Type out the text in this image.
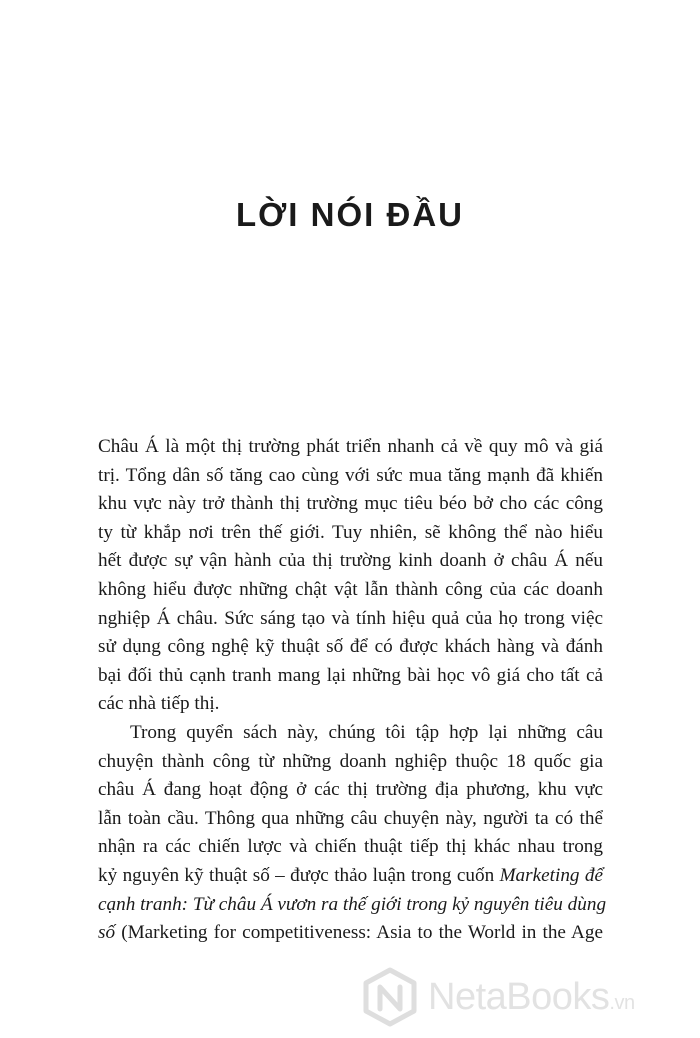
LỜI NÓI ĐẦU
Châu Á là một thị trường phát triển nhanh cả về quy mô và giá
trị. Tổng dân số tăng cao cùng với sức mua tăng mạnh đã khiến
khu vực này trở thành thị trường mục tiêu béo bở cho các công
ty từ khắp nơi trên thế giới. Tuy nhiên, sẽ không thể nào hiểu
hết được sự vận hành của thị trường kinh doanh ở châu Á nếu
không hiểu được những chật vật lẫn thành công của các doanh
nghiệp Á châu. Sức sáng tạo và tính hiệu quả của họ trong việc
sử dụng công nghệ kỹ thuật số để có được khách hàng và đánh
bại đối thủ cạnh tranh mang lại những bài học vô giá cho tất cả
các nhà tiếp thị.
Trong quyển sách này, chúng tôi tập hợp lại những câu
chuyện thành công từ những doanh nghiệp thuộc 18 quốc gia
châu Á đang hoạt động ở các thị trường địa phương, khu vực
lẫn toàn cầu. Thông qua những câu chuyện này, người ta có thể
nhận ra các chiến lược và chiến thuật tiếp thị khác nhau trong
kỷ nguyên kỹ thuật số – được thảo luận trong cuốn Marketing để
cạnh tranh: Từ châu Á vươn ra thế giới trong kỷ nguyên tiêu dùng
số (Marketing for competitiveness: Asia to the World in the Age
NetaBooks.vn
